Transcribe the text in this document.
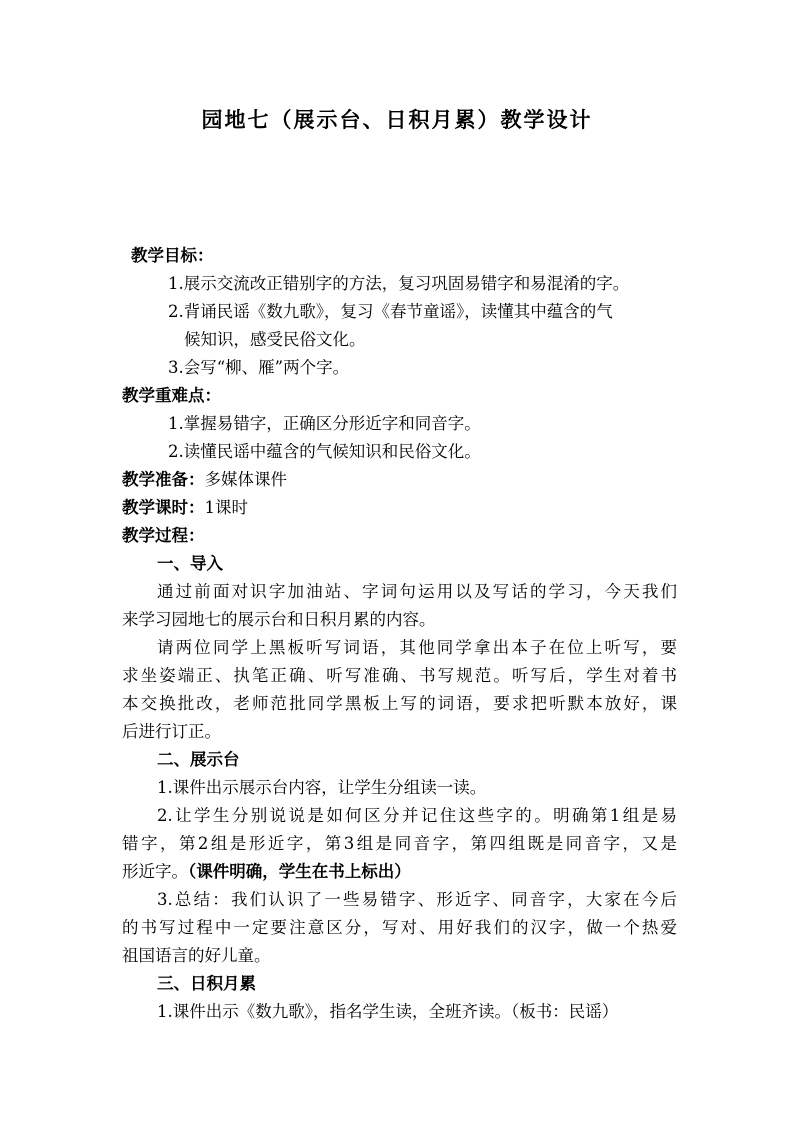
园地七（展示台、日积月累）教学设计
教学目标：
1.展示交流改正错别字的方法，复习巩固易错字和易混淆的字。
2.背诵民谣《数九歌》，复习《春节童谣》，读懂其中蕴含的气
候知识，感受民俗文化。
3.会写“柳、雁”两个字。
教学重难点：
1.掌握易错字，正确区分形近字和同音字。
2.读懂民谣中蕴含的气候知识和民俗文化。
教学准备：多媒体课件
教学课时：1课时
教学过程：
一、导入
通过前面对识字加油站、字词句运用以及写话的学习，今天我们
来学习园地七的展示台和日积月累的内容。
请两位同学上黑板听写词语，其他同学拿出本子在位上听写，要
求坐姿端正、执笔正确、听写准确、书写规范。听写后，学生对着书
本交换批改，老师范批同学黑板上写的词语，要求把听默本放好，课
后进行订正。
二、展示台
1.课件出示展示台内容，让学生分组读一读。
2.让学生分别说说是如何区分并记住这些字的。明确第1组是易
错字，第2组是形近字，第3组是同音字，第四组既是同音字，又是
形近字。（课件明确，学生在书上标出）
3.总结：我们认识了一些易错字、形近字、同音字，大家在今后
的书写过程中一定要注意区分，写对、用好我们的汉字，做一个热爱
祖国语言的好儿童。
三、日积月累
1.课件出示《数九歌》，指名学生读，全班齐读。（板书：民谣）
